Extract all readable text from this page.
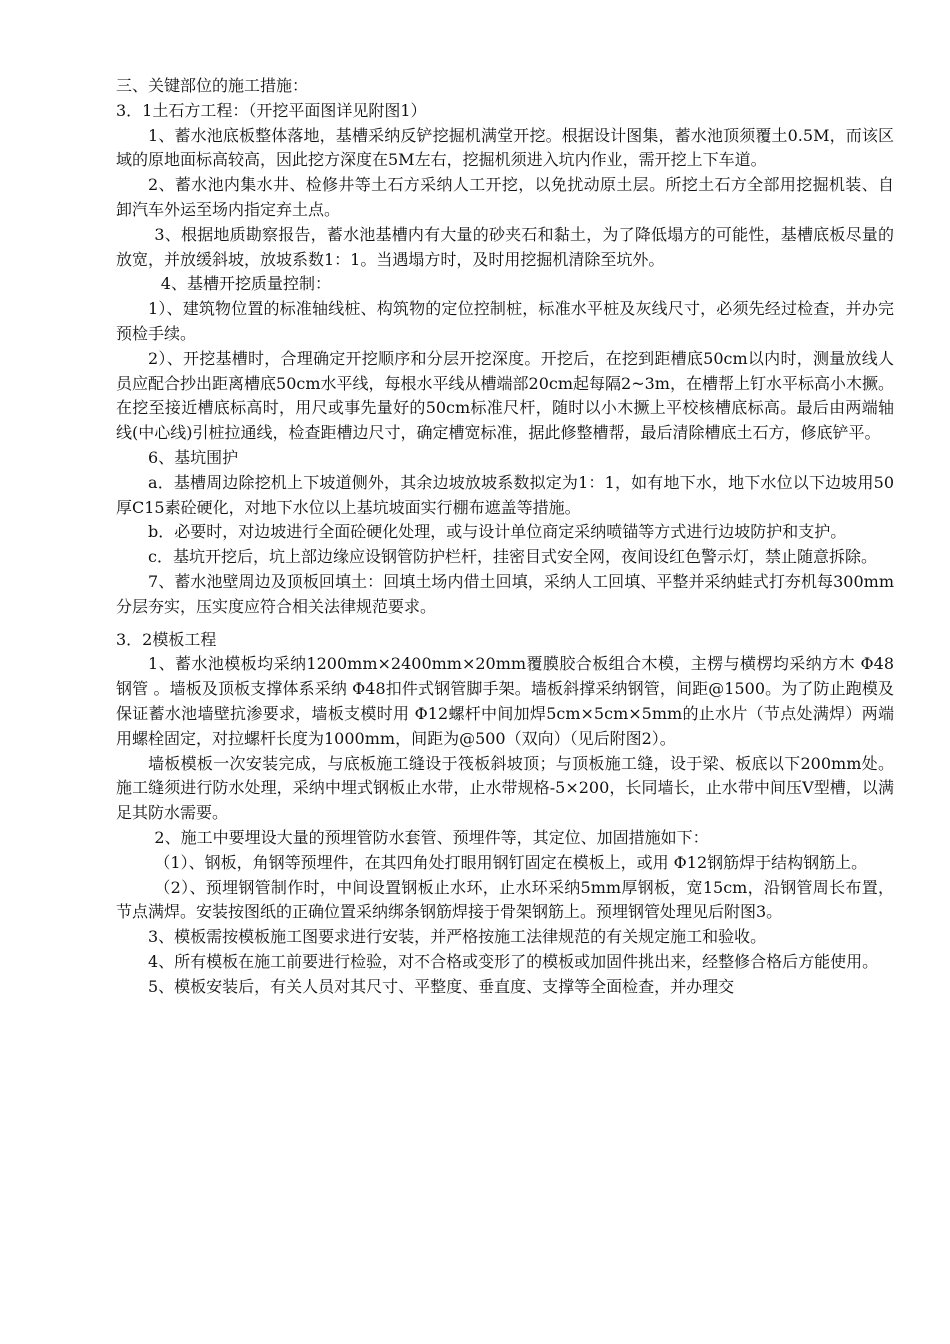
三、关键部位的施工措施：

3．1土石方工程：（开挖平面图详见附图1）

1、蓄水池底板整体落地，基槽采纳反铲挖掘机满堂开挖。根据设计图集，蓄水池顶须覆土0.5M，而该区域的原地面标高较高，因此挖方深度在5M左右，挖掘机须进入坑内作业，需开挖上下车道。

2、蓄水池内集水井、检修井等土石方采纳人工开挖，以免扰动原土层。所挖土石方全部用挖掘机装、自卸汽车外运至场内指定弃土点。

3、根据地质勘察报告，蓄水池基槽内有大量的砂夹石和黏土，为了降低塌方的可能性，基槽底板尽量的放宽，并放缓斜坡，放坡系数1：1。当遇塌方时，及时用挖掘机清除至坑外。

4、基槽开挖质量控制：

1）、建筑物位置的标准轴线桩、构筑物的定位控制桩，标准水平桩及灰线尺寸，必须先经过检查，并办完预检手续。

2）、开挖基槽时，合理确定开挖顺序和分层开挖深度。开挖后，在挖到距槽底50cm以内时，测量放线人员应配合抄出距离槽底50cm水平线，每根水平线从槽端部20cm起每隔2~3m，在槽帮上钉水平标高小木撅。在挖至接近槽底标高时，用尺或事先量好的50cm标准尺杆，随时以小木撅上平校核槽底标高。最后由两端轴线(中心线)引桩拉通线，检查距槽边尺寸，确定槽宽标准，据此修整槽帮，最后清除槽底土石方，修底铲平。

6、基坑围护

a．基槽周边除挖机上下坡道侧外，其余边坡放坡系数拟定为1：1，如有地下水，地下水位以下边坡用50厚C15素砼硬化，对地下水位以上基坑坡面实行棚布遮盖等措施。

b．必要时，对边坡进行全面砼硬化处理，或与设计单位商定采纳喷锚等方式进行边坡防护和支护。

c．基坑开挖后，坑上部边缘应设钢管防护栏杆，挂密目式安全网，夜间设红色警示灯，禁止随意拆除。

7、蓄水池壁周边及顶板回填土：回填土场内借土回填，采纳人工回填、平整并采纳蛙式打夯机每300mm分层夯实，压实度应符合相关法律规范要求。

3．2模板工程

1、蓄水池模板均采纳1200mm×2400mm×20mm覆膜胶合板组合木模，主楞与横楞均采纳方木 Φ48钢管 。墙板及顶板支撑体系采纳 Φ48扣件式钢管脚手架。墙板斜撑采纳钢管，间距@1500。为了防止跑模及保证蓄水池墙壁抗渗要求，墙板支模时用 Φ12螺杆中间加焊5cm×5cm×5mm的止水片（节点处满焊）两端用螺栓固定，对拉螺杆长度为1000mm，间距为@500（双向）（见后附图2）。

墙板模板一次安装完成，与底板施工缝设于筏板斜坡顶；与顶板施工缝，设于梁、板底以下200mm处。施工缝须进行防水处理，采纳中埋式钢板止水带，止水带规格-5×200，长同墙长，止水带中间压V型槽，以满足其防水需要。

2、施工中要埋设大量的预埋管防水套管、预埋件等，其定位、加固措施如下：

（1）、钢板，角钢等预埋件，在其四角处打眼用钢钉固定在模板上，或用 Φ12钢筋焊于结构钢筋上。

（2）、预埋钢管制作时，中间设置钢板止水环，止水环采纳5mm厚钢板，宽15cm，沿钢管周长布置，节点满焊。安装按图纸的正确位置采纳绑条钢筋焊接于骨架钢筋上。预埋钢管处理见后附图3。

3、模板需按模板施工图要求进行安装，并严格按施工法律规范的有关规定施工和验收。

4、所有模板在施工前要进行检验，对不合格或变形了的模板或加固件挑出来，经整修合格后方能使用。

5、模板安装后，有关人员对其尺寸、平整度、垂直度、支撑等全面检查，并办理交
